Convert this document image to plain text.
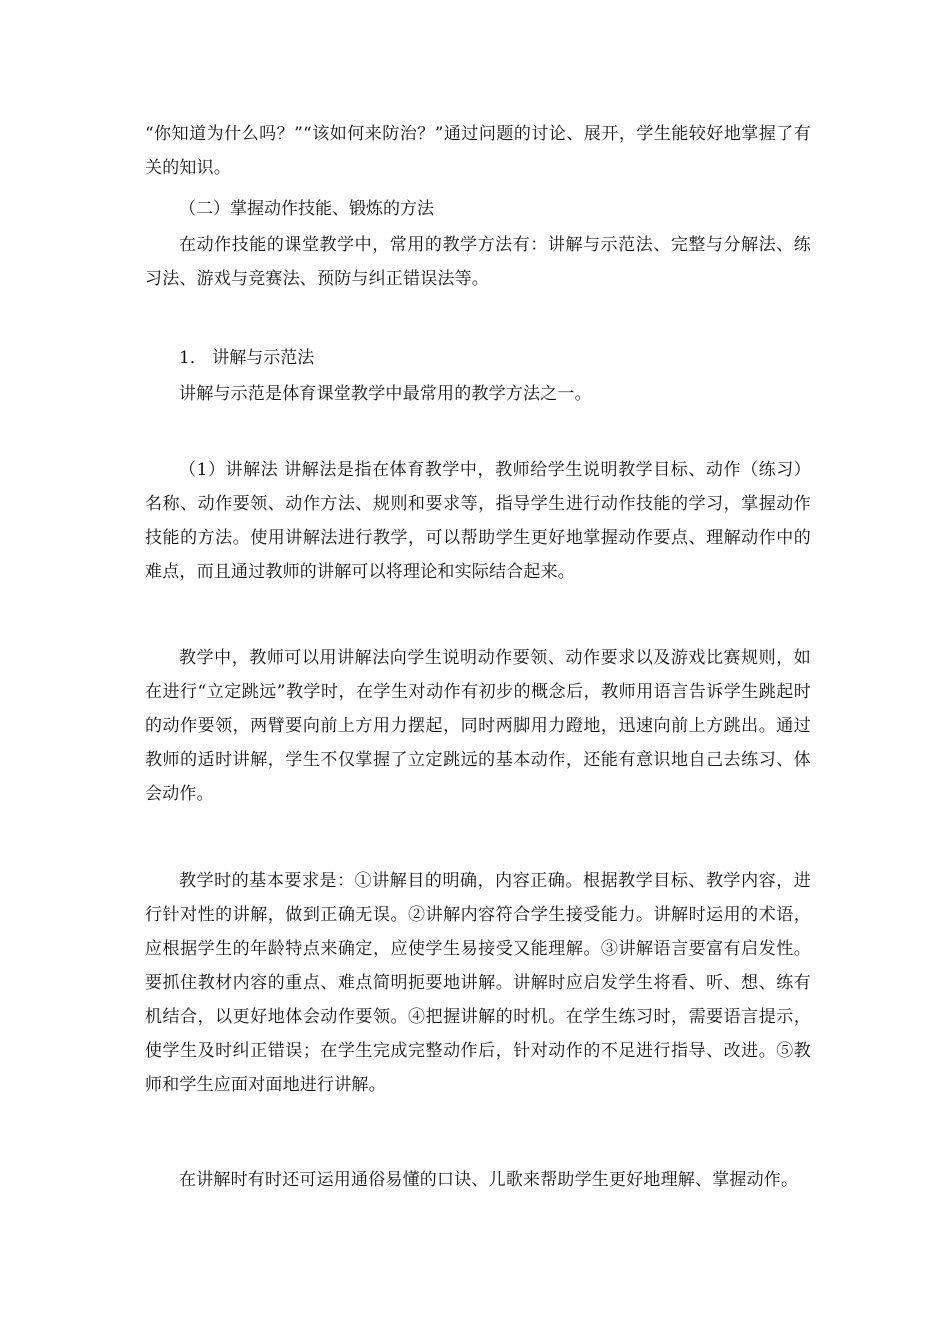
“你知道为什么吗？”“该如何来防治？”通过问题的讨论、展开，学生能较好地掌握了有关的知识。

（二）掌握动作技能、锻炼的方法

在动作技能的课堂教学中，常用的教学方法有：讲解与示范法、完整与分解法、练习法、游戏与竞赛法、预防与纠正错误法等。

1． 讲解与示范法

讲解与示范是体育课堂教学中最常用的教学方法之一。

（1）讲解法 讲解法是指在体育教学中，教师给学生说明教学目标、动作（练习）名称、动作要领、动作方法、规则和要求等，指导学生进行动作技能的学习，掌握动作技能的方法。使用讲解法进行教学，可以帮助学生更好地掌握动作要点、理解动作中的难点，而且通过教师的讲解可以将理论和实际结合起来。

教学中，教师可以用讲解法向学生说明动作要领、动作要求以及游戏比赛规则，如在进行“立定跳远”教学时，在学生对动作有初步的概念后，教师用语言告诉学生跳起时的动作要领，两臂要向前上方用力摆起，同时两脚用力蹬地，迅速向前上方跳出。通过教师的适时讲解，学生不仅掌握了立定跳远的基本动作，还能有意识地自己去练习、体会动作。

教学时的基本要求是：①讲解目的明确，内容正确。根据教学目标、教学内容，进行针对性的讲解，做到正确无误。②讲解内容符合学生接受能力。讲解时运用的术语，应根据学生的年龄特点来确定，应使学生易接受又能理解。③讲解语言要富有启发性。要抓住教材内容的重点、难点简明扼要地讲解。讲解时应启发学生将看、听、想、练有机结合，以更好地体会动作要领。④把握讲解的时机。在学生练习时，需要语言提示，使学生及时纠正错误；在学生完成完整动作后，针对动作的不足进行指导、改进。⑤教师和学生应面对面地进行讲解。

在讲解时有时还可运用通俗易懂的口诀、儿歌来帮助学生更好地理解、掌握动作。
